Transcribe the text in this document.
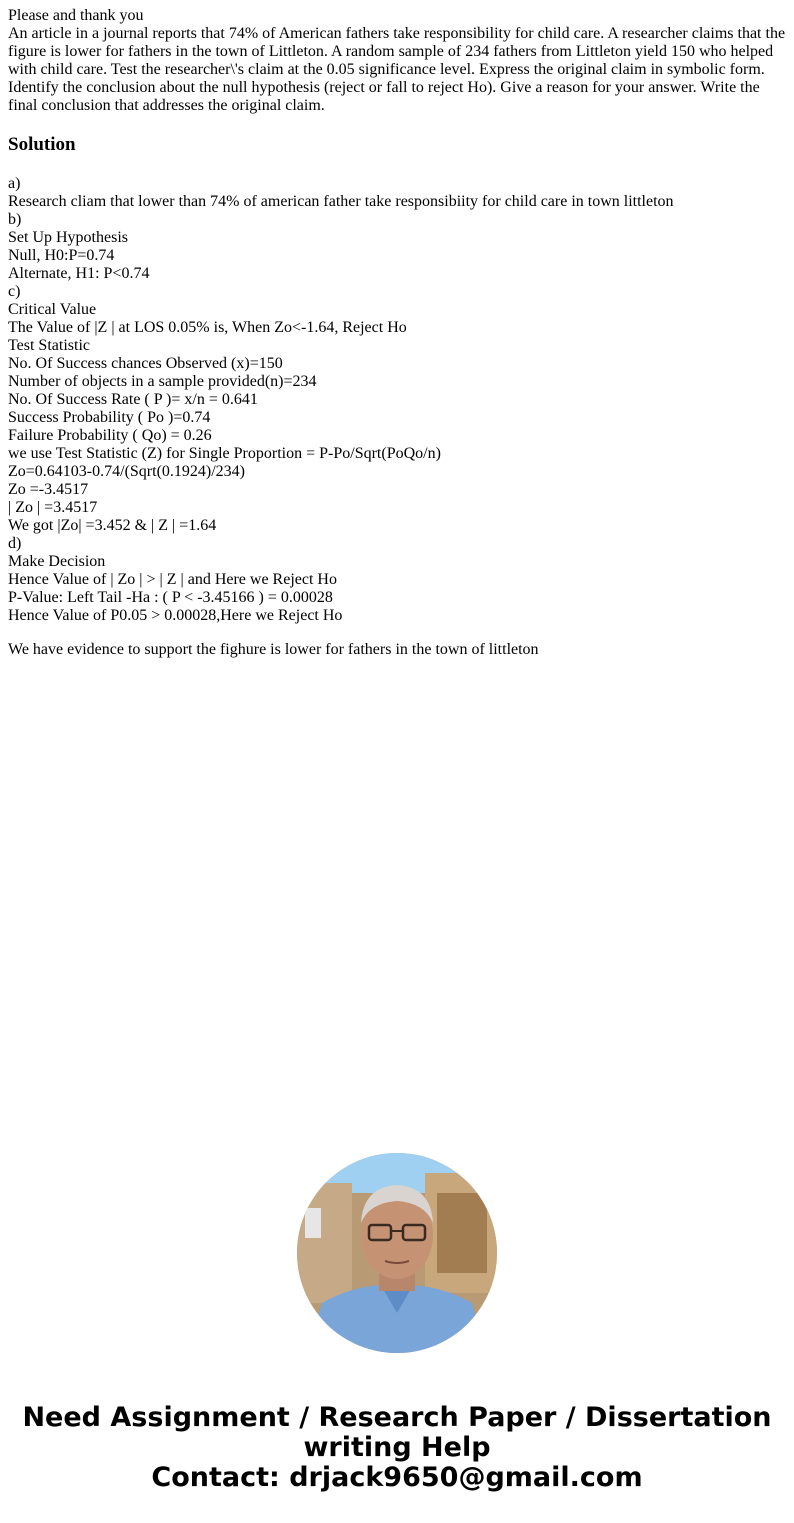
Please and thank you
An article in a journal reports that 74% of American fathers take responsibility for child care. A researcher claims that the figure is lower for fathers in the town of Littleton. A random sample of 234 fathers from Littleton yield 150 who helped with child care. Test the researcher\'s claim at the 0.05 significance level. Express the original claim in symbolic form. Identify the conclusion about the null hypothesis (reject or fall to reject Ho). Give a reason for your answer. Write the final conclusion that addresses the original claim.
Solution
a)
Research cliam that lower than 74% of american father take responsibiity for child care in town littleton
b)
Set Up Hypothesis
Null, H0:P=0.74
Alternate, H1: P<0.74
c)
Critical Value
The Value of |Z | at LOS 0.05% is, When Zo<-1.64, Reject Ho
Test Statistic
No. Of Success chances Observed (x)=150
Number of objects in a sample provided(n)=234
No. Of Success Rate ( P )= x/n = 0.641
Success Probability ( Po )=0.74
Failure Probability ( Qo) = 0.26
we use Test Statistic (Z) for Single Proportion = P-Po/Sqrt(PoQo/n)
Zo=0.64103-0.74/(Sqrt(0.1924)/234)
Zo =-3.4517
| Zo | =3.4517
We got |Zo| =3.452 & | Z | =1.64
d)
Make Decision
Hence Value of | Zo | > | Z | and Here we Reject Ho
P-Value: Left Tail -Ha : ( P < -3.45166 ) = 0.00028
Hence Value of P0.05 > 0.00028,Here we Reject Ho
We have evidence to support the fighure is lower for fathers in the town of littleton
Need Assignment / Research Paper / Dissertation
writing Help
Contact: drjack9650@gmail.com
